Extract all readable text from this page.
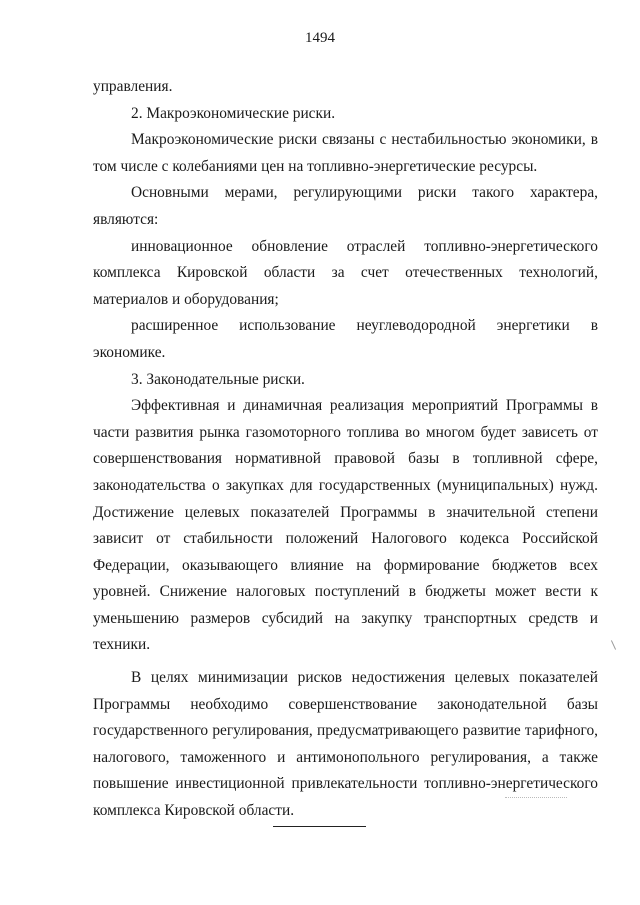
1494

управления.

2. Макроэкономические риски.

Макроэкономические риски связаны с нестабильностью экономики, в том числе с колебаниями цен на топливно-энергетические ресурсы.

Основными мерами, регулирующими риски такого характера, являются:

инновационное обновление отраслей топливно-энергетического комплекса Кировской области за счет отечественных технологий, материалов и оборудования;

расширенное использование неуглеводородной энергетики в экономике.

3. Законодательные риски.

Эффективная и динамичная реализация мероприятий Программы в части развития рынка газомоторного топлива во многом будет зависеть от совершенствования нормативной правовой базы в топливной сфере, законодательства о закупках для государственных (муниципальных) нужд. Достижение целевых показателей Программы в значительной степени зависит от стабильности положений Налогового кодекса Российской Федерации, оказывающего влияние на формирование бюджетов всех уровней. Снижение налоговых поступлений в бюджеты может вести к уменьшению размеров субсидий на закупку транспортных средств и техники.

В целях минимизации рисков недостижения целевых показателей Программы необходимо совершенствование законодательной базы государственного регулирования, предусматривающего развитие тарифного, налогового, таможенного и антимонопольного регулирования, а также повышение инвестиционной привлекательности топливно-энергетического комплекса Кировской области.
